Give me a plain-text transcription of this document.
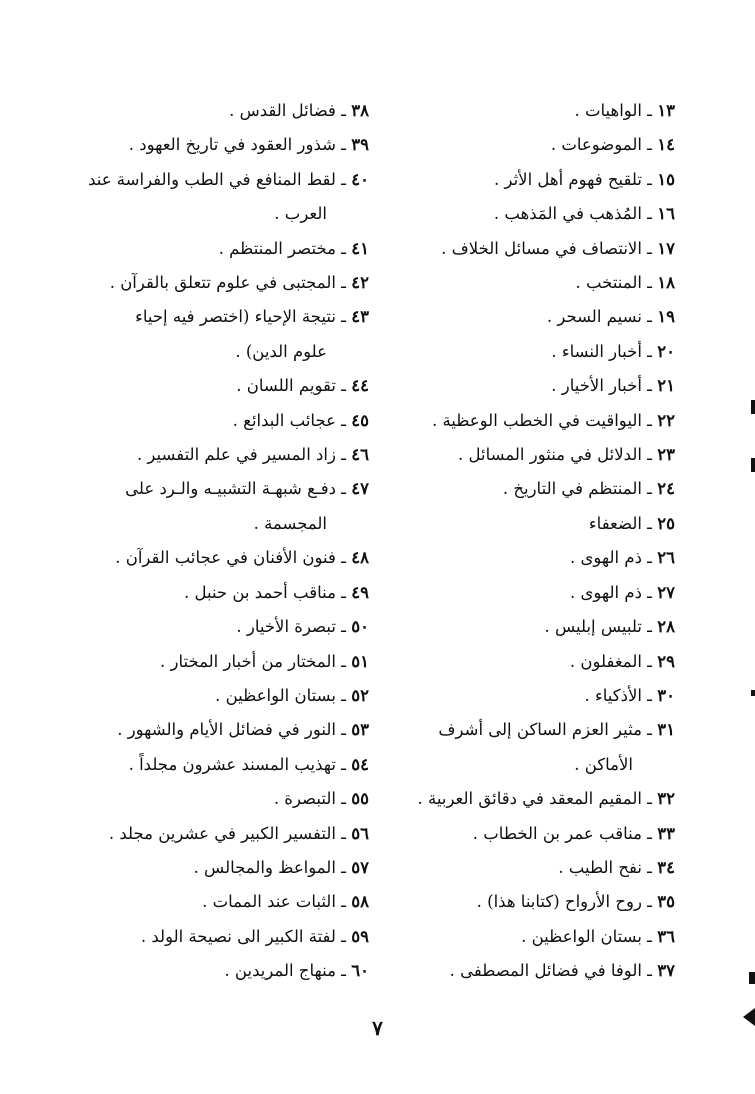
١٣ ـ الواهيات .
١٤ ـ الموضوعات .
١٥ ـ تلقيح فهوم أهل الأثر .
١٦ ـ المُذهب في المَذهب .
١٧ ـ الانتصاف في مسائل الخلاف .
١٨ ـ المنتخب .
١٩ ـ نسيم السحر .
٢٠ ـ أخبار النساء .
٢١ ـ أخبار الأخيار .
٢٢ ـ اليواقيت في الخطب الوعظية .
٢٣ ـ الدلائل في منثور المسائل .
٢٤ ـ المنتظم في التاريخ .
٢٥ ـ الضعفاء
٢٦ ـ ذم الهوى .
٢٧ ـ ذم الهوى .
٢٨ ـ تلبيس إبليس .
٢٩ ـ المغفلون .
٣٠ ـ الأذكياء .
٣١ ـ مثير العزم الساكن إلى أشرف
الأماكن .
٣٢ ـ المقيم المعقد في دقائق العربية .
٣٣ ـ مناقب عمر بن الخطاب .
٣٤ ـ نفح الطيب .
٣٥ ـ روح الأرواح (كتابنا هذا) .
٣٦ ـ بستان الواعظين .
٣٧ ـ الوفا في فضائل المصطفى .
٣٨ ـ فضائل القدس .
٣٩ ـ شذور العقود في تاريخ العهود .
٤٠ ـ لقط المنافع في الطب والفراسة عند
العرب .
٤١ ـ مختصر المنتظم .
٤٢ ـ المجتبى في علوم تتعلق بالقرآن .
٤٣ ـ نتيجة الإحياء (اختصر فيه إحياء
علوم الدين) .
٤٤ ـ تقويم اللسان .
٤٥ ـ عجائب البدائع .
٤٦ ـ زاد المسير في علم التفسير .
٤٧ ـ دفـع شبهـة التشبيـه والـرد على
المجسمة .
٤٨ ـ فنون الأفنان في عجائب القرآن .
٤٩ ـ مناقب أحمد بن حنبل .
٥٠ ـ تبصرة الأخيار .
٥١ ـ المختار من أخبار المختار .
٥٢ ـ بستان الواعظين .
٥٣ ـ النور في فضائل الأيام والشهور .
٥٤ ـ تهذيب المسند عشرون مجلداً .
٥٥ ـ التبصرة .
٥٦ ـ التفسير الكبير في عشرين مجلد .
٥٧ ـ المواعظ والمجالس .
٥٨ ـ الثبات عند الممات .
٥٩ ـ لفتة الكبير الى نصيحة الولد .
٦٠ ـ منهاج المريدين .
٧
